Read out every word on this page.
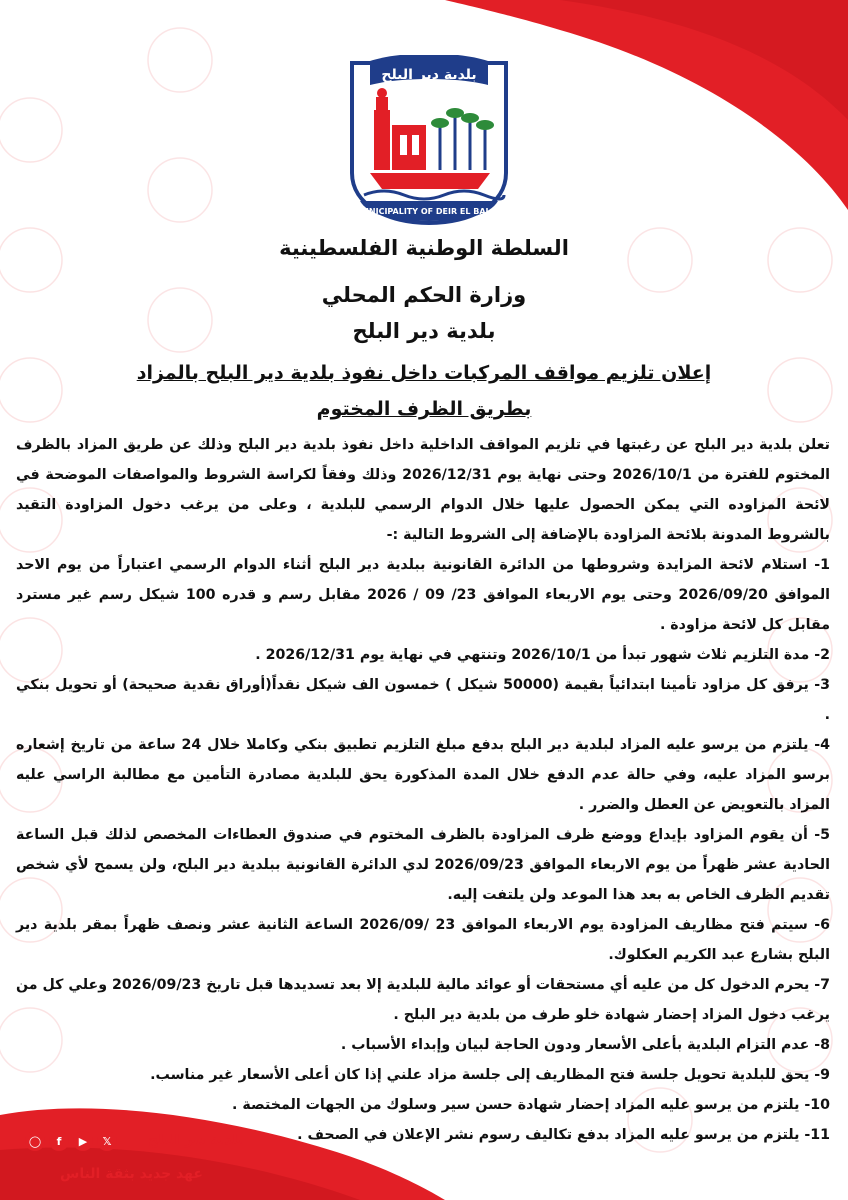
بلدية دير البلح
MUNICIPALITY OF DEIR EL BALAH
السلطة الوطنية الفلسطينية
وزارة الحكم المحلي
بلدية دير البلح
إعلان تلزيم مواقف المركبات داخل نفوذ بلدية دير البلح بالمزاد
بطريق الظرف المختوم

تعلن بلدية دير البلح عن رغبتها في تلزيم المواقف الداخلية داخل نفوذ بلدية دير البلح وذلك عن طريق المزاد بالظرف المختوم للفترة من 2026/10/1 وحتى نهاية يوم 2026/12/31 وذلك وفقاً لكراسة الشروط والمواصفات الموضحة في لائحة المزاوده التي يمكن الحصول عليها خلال الدوام الرسمي للبلدية ، وعلى من يرغب دخول المزاودة التقيد بالشروط المدونة بلائحة المزاودة بالإضافة إلى الشروط التالية :-

1- استلام لائحة المزايدة وشروطها من الدائرة القانونية ببلدية دير البلح أثناء الدوام الرسمي اعتباراً من يوم الاحد الموافق 2026/09/20 وحتى يوم الاربعاء الموافق 23/ 09 / 2026 مقابل رسم و قدره 100 شيكل رسم غير مسترد مقابل كل لائحة مزاودة .

2- مدة التلزيم ثلاث شهور تبدأ من 2026/10/1 وتنتهي في نهاية يوم 2026/12/31 .

3- يرفق كل مزاود تأمينا ابتدائياً بقيمة (50000 شيكل ) خمسون الف شيكل نقداً(أوراق نقدية صحيحة) أو تحويل بنكي .

4- يلتزم من يرسو عليه المزاد لبلدية دير البلح بدفع مبلغ التلزيم تطبيق بنكي وكاملا خلال 24 ساعة من تاريخ إشعاره برسو المزاد عليه، وفي حالة عدم الدفع خلال المدة المذكورة يحق للبلدية مصادرة التأمين مع مطالبة الراسي عليه المزاد بالتعويض عن العطل والضرر .

5- أن يقوم المزاود بإيداع ووضع ظرف المزاودة بالظرف المختوم في صندوق العطاءات المخصص لذلك قبل الساعة الحادية عشر ظهراً من يوم الاربعاء الموافق 2026/09/23 لدي الدائرة القانونية ببلدية دير البلح، ولن يسمح لأي شخص تقديم الظرف الخاص به بعد هذا الموعد ولن يلتفت إليه.

6- سيتم فتح مظاريف المزاودة يوم الاربعاء الموافق 23 /2026/09 الساعة الثانية عشر ونصف ظهراً بمقر بلدية دير البلح بشارع عبد الكريم العكلوك.

7- يحرم الدخول كل من عليه أي مستحقات أو عوائد مالية للبلدية إلا بعد تسديدها قبل تاريخ 2026/09/23 وعلي كل من يرغب دخول المزاد إحضار شهادة خلو طرف من بلدية دير البلح .

8- عدم التزام البلدية بأعلى الأسعار ودون الحاجة لبيان وإبداء الأسباب .

9- يحق للبلدية تحويل جلسة فتح المظاريف إلى جلسة مزاد علني إذا كان أعلى الأسعار غير مناسب.

10- يلتزم من يرسو عليه المزاد إحضار شهادة حسن سير وسلوك من الجهات المختصة .

11- يلتزم من يرسو عليه المزاد بدفع تكاليف رسوم نشر الإعلان في الصحف .

◯	f	▶	𝕏	بلدية دير البلح
عهد جديد بثقة الناس
